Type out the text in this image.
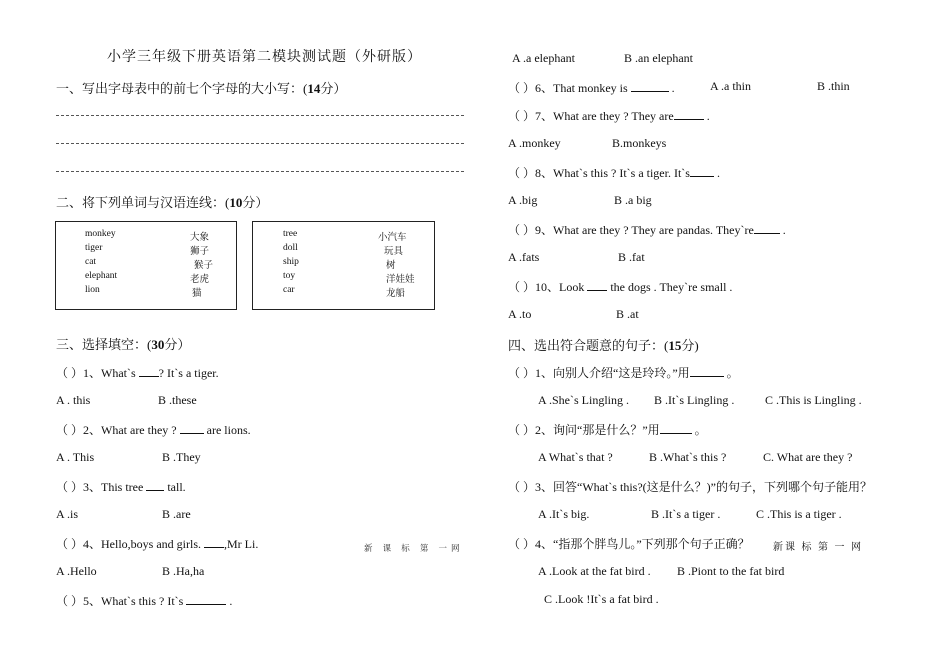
小学三年级下册英语第二模块测试题（外研版）
一、写出字母表中的前七个字母的大小写：(14分）
二、将下列单词与汉语连线：(10分）
monkey
tiger
cat
elephant
lion
大象
狮子
猴子
老虎
猫
tree
doll
ship
toy
car
小汽车
玩具
树
洋娃娃
龙船
三、选择填空：(30分）
（ ）1、What`s ? It`s a tiger.
A . this	B .these
（ ）2、What are they ?	are lions.
A . This	B .They
（ ）3、This tree tall.
A .is	B .are
（ ）4、Hello,boys and girls. ,Mr Li.	新 课 标 第 一网
A .Hello	B .Ha,ha
（ ）5、What`s this ? It`s	.
A .a elephant	B .an elephant
（ ）6、That monkey is	.	A .a thin	B .thin
（ ）7、What are they ? They are	.
A .monkey	B.monkeys
（ ）8、What`s this ? It`s a tiger. It`s .
A .big	B .a big
（ ）9、What are they ? They are pandas. They`re .
A .fats	B .fat
（ ）10、Look the dogs . They`re small .
A .to	B .at
四、选出符合题意的句子：(15分)
（ ）1、向别人介绍“这是玲玲。”用	。
A .She`s Lingling . B .It`s Lingling .	C .This is Lingling .
（ ）2、询问“那是什么？”用	。
A What`s that ?	B .What`s this ?	C. What are they ?
（ ）3、回答“What`s this?(这是什么？)”的句子，下列哪个句子能用？
A .It`s big.	B .It`s a tiger .	C .This is a tiger .
（ ）4、“指那个胖鸟儿。”下列那个句子正确？ 新课 标 第 一 网
A .Look at the fat bird . B .Piont to the fat bird
C .Look !It`s a fat bird .
